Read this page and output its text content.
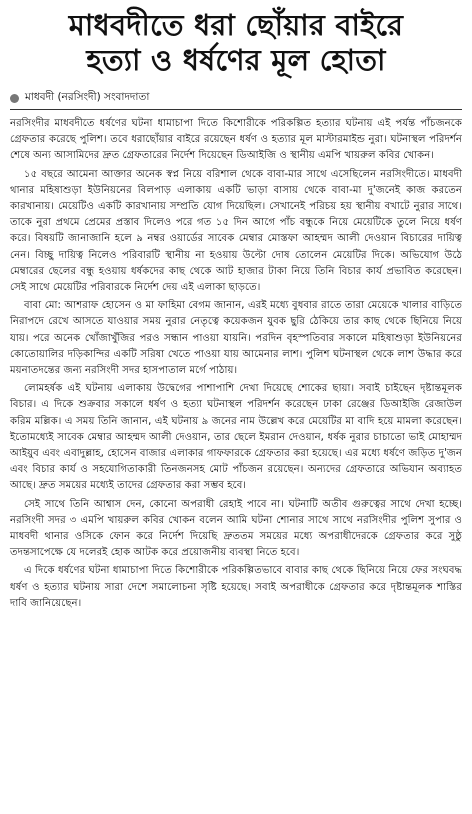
মাধবদীতে ধরা ছোঁয়ার বাইরে
হত্যা ও ধর্ষণের মূল হোতা
মাধবদী (নরসিংদী) সংবাদদাতা

নরসিংদীর মাধবদীতে ধর্ষণের ঘটনা ধামাচাপা দিতে কিশোরীকে পরিকল্পিত হত্যার ঘটনায় এই পর্যন্ত পাঁচজনকে গ্রেফতার করেছে পুলিশ। তবে ধরাছোঁয়ার বাইরে রয়েছেন ধর্ষণ ও হত্যার মূল মাস্টারমাইন্ড নুরা। ঘটনাস্থল পরিদর্শন শেষে অন্য আসামিদের দ্রুত গ্রেফতারের নির্দেশ দিয়েছেন ডিআইজি ও স্থানীয় এমপি খায়রুল কবির খোকন।

১৫ বছরে আমেনা আক্তার অনেক স্বপ্ন নিয়ে বরিশাল থেকে বাবা-মার সাথে এসেছিলেন নরসিংদীতে। মাধবদী থানার মহিষাশুড়া ইউনিয়নের বিলপাড় এলাকায় একটি ভাড়া বাসায় থেকে বাবা-মা দু'জনেই কাজ করতেন কারখানায়। মেয়েটিও একটি কারখানায় সম্প্রতি যোগ দিয়েছিল। সেখানেই পরিচয় হয় স্থানীয় বখাটে নুরার সাথে। তাকে নুরা প্রথমে প্রেমের প্রস্তাব দিলেও পরে গত ১৫ দিন আগে পাঁচ বন্ধুকে নিয়ে মেয়েটিকে তুলে নিয়ে ধর্ষণ করে। বিষয়টি জানাজানি হলে ৯ নম্বর ওয়ার্ডের সাবেক মেম্বার মোস্তফা আহম্মদ আলী দেওয়ান বিচারের দায়িত্ব নেন। বিচ্ছু দায়িত্ব নিলেও পরিবারটি স্থানীয় না হওয়ায় উল্টো দোষ তোলেন মেয়েটির দিকে। অভিযোগ উঠে মেম্বারের ছেলের বন্ধু হওয়ায় ধর্ষকদের কাছ থেকে আট হাজার টাকা নিয়ে তিনি বিচার কার্য প্রভাবিত করেছেন। সেই সাথে মেয়েটির পরিবারকে নির্দেশ দেয় এই এলাকা ছাড়তে।

বাবা মো: আশরাফ হোসেন ও মা ফাহিমা বেগম জানান, এরই মধ্যে বুধবার রাতে তারা মেয়েকে খালার বাড়িতে নিরাপদে রেখে আসতে যাওয়ার সময় নুরার নেতৃত্বে কয়েকজন যুবক ছুরি ঠেকিয়ে তার কাছ থেকে ছিনিয়ে নিয়ে যায়। পরে অনেক খোঁজাখুঁজির পরও সন্ধান পাওয়া যায়নি। পরদিন বৃহস্পতিবার সকালে মহিষাশুড়া ইউনিয়নের কোতোয়ালির দড়িকান্দির একটি সরিষা খেতে পাওয়া যায় আমেনার লাশ। পুলিশ ঘটনাস্থল থেকে লাশ উদ্ধার করে ময়নাতদন্তের জন্য নরসিংদী সদর হাসপাতাল মর্গে পাঠায়।

লোমহর্ষক এই ঘটনায় এলাকায় উদ্বেগের পাশাপাশি দেখা দিয়েছে শোকের ছায়া। সবাই চাইছেন দৃষ্টান্তমূলক বিচার। এ দিকে শুক্রবার সকালে ধর্ষণ ও হত্যা ঘটনাস্থল পরিদর্শন করেছেন ঢাকা রেঞ্জের ডিআইজি রেজাউল করিম মল্লিক। এ সময় তিনি জানান, এই ঘটনায় ৯ জনের নাম উল্লেখ করে মেয়েটির মা বাদি হয়ে মামলা করেছেন। ইতোমধ্যেই সাবেক মেম্বার আহম্মদ আলী দেওয়ান, তার ছেলে ইমরান দেওয়ান, ধর্ষক নুরার চাচাতো ভাই মোহাম্মদ আইয়ুব এবং এবাদুল্লাহ, হোসেন বাজার এলাকার গাফফারকে গ্রেফতার করা হয়েছে। এর মধ্যে ধর্ষণে জড়িত দু'জন এবং বিচার কার্য ও সহযোগিতাকারী তিনজনসহ মোট পাঁচজন রয়েছেন। অন্যদের গ্রেফতারে অভিযান অব্যাহত আছে। দ্রুত সময়ের মধ্যেই তাদের গ্রেফতার করা সম্ভব হবে।

সেই সাথে তিনি আশ্বাস দেন, কোনো অপরাধী রেহাই পাবে না। ঘটনাটি অতীব গুরুত্বের সাথে দেখা হচ্ছে। নরসিংদী সদর ৩ এমপি খায়রুল কবির খোকন বলেন আমি ঘটনা শোনার সাথে সাথে নরসিংদীর পুলিশ সুপার ও মাধবদী থানার ওসিকে ফোন করে নির্দেশ দিয়েছি দ্রুততম সময়ের মধ্যে অপরাধীদেরকে গ্রেফতার করে সুষ্ঠু তদন্তসাপেক্ষে যে দলেরই হোক আটক করে প্রয়োজনীয় ব্যবস্থা নিতে হবে।

এ দিকে ধর্ষণের ঘটনা ধামাচাপা দিতে কিশোরীকে পরিকল্পিতভাবে বাবার কাছ থেকে ছিনিয়ে নিয়ে ফের সংঘবদ্ধ ধর্ষণ ও হত্যার ঘটনায় সারা দেশে সমালোচনা সৃষ্টি হয়েছে। সবাই অপরাধীকে গ্রেফতার করে দৃষ্টান্তমূলক শাস্তির দাবি জানিয়েছেন।
